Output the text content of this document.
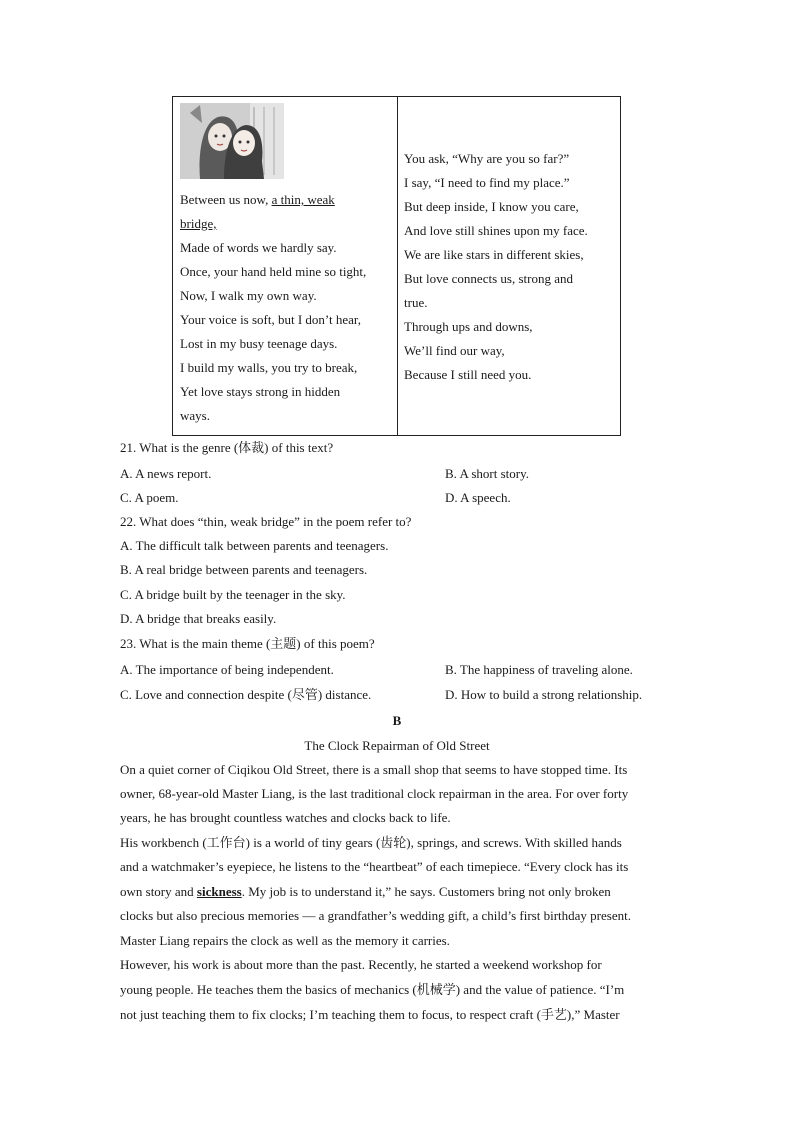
Between us now, a thin, weak
bridge,
Made of words we hardly say.
Once, your hand held mine so tight,
Now, I walk my own way.
Your voice is soft, but I don’t hear,
Lost in my busy teenage days.
I build my walls, you try to break,
Yet love stays strong in hidden
ways.
You ask, “Why are you so far?”
I say, “I need to find my place.”
But deep inside, I know you care,
And love still shines upon my face.
We are like stars in different skies,
But love connects us, strong and
true.
Through ups and downs,
We’ll find our way,
Because I still need you.
21. What is the genre (体裁) of this text?
A. A news report.	B. A short story.
C. A poem.	D. A speech.
22. What does “thin, weak bridge” in the poem refer to?
A. The difficult talk between parents and teenagers.
B. A real bridge between parents and teenagers.
C. A bridge built by the teenager in the sky.
D. A bridge that breaks easily.
23. What is the main theme (主题) of this poem?
A. The importance of being independent.	B. The happiness of traveling alone.
C. Love and connection despite (尽管) distance.	D. How to build a strong relationship.
B
The Clock Repairman of Old Street
On a quiet corner of Ciqikou Old Street, there is a small shop that seems to have stopped time. Its
owner, 68-year-old Master Liang, is the last traditional clock repairman in the area. For over forty
years, he has brought countless watches and clocks back to life.
His workbench (工作台) is a world of tiny gears (齿轮), springs, and screws. With skilled hands
and a watchmaker’s eyepiece, he listens to the “heartbeat” of each timepiece. “Every clock has its
own story and sickness. My job is to understand it,” he says. Customers bring not only broken
clocks but also precious memories — a grandfather’s wedding gift, a child’s first birthday present.
Master Liang repairs the clock as well as the memory it carries.
However, his work is about more than the past. Recently, he started a weekend workshop for
young people. He teaches them the basics of mechanics (机械学) and the value of patience. “I’m
not just teaching them to fix clocks; I’m teaching them to focus, to respect craft (手艺),” Master
